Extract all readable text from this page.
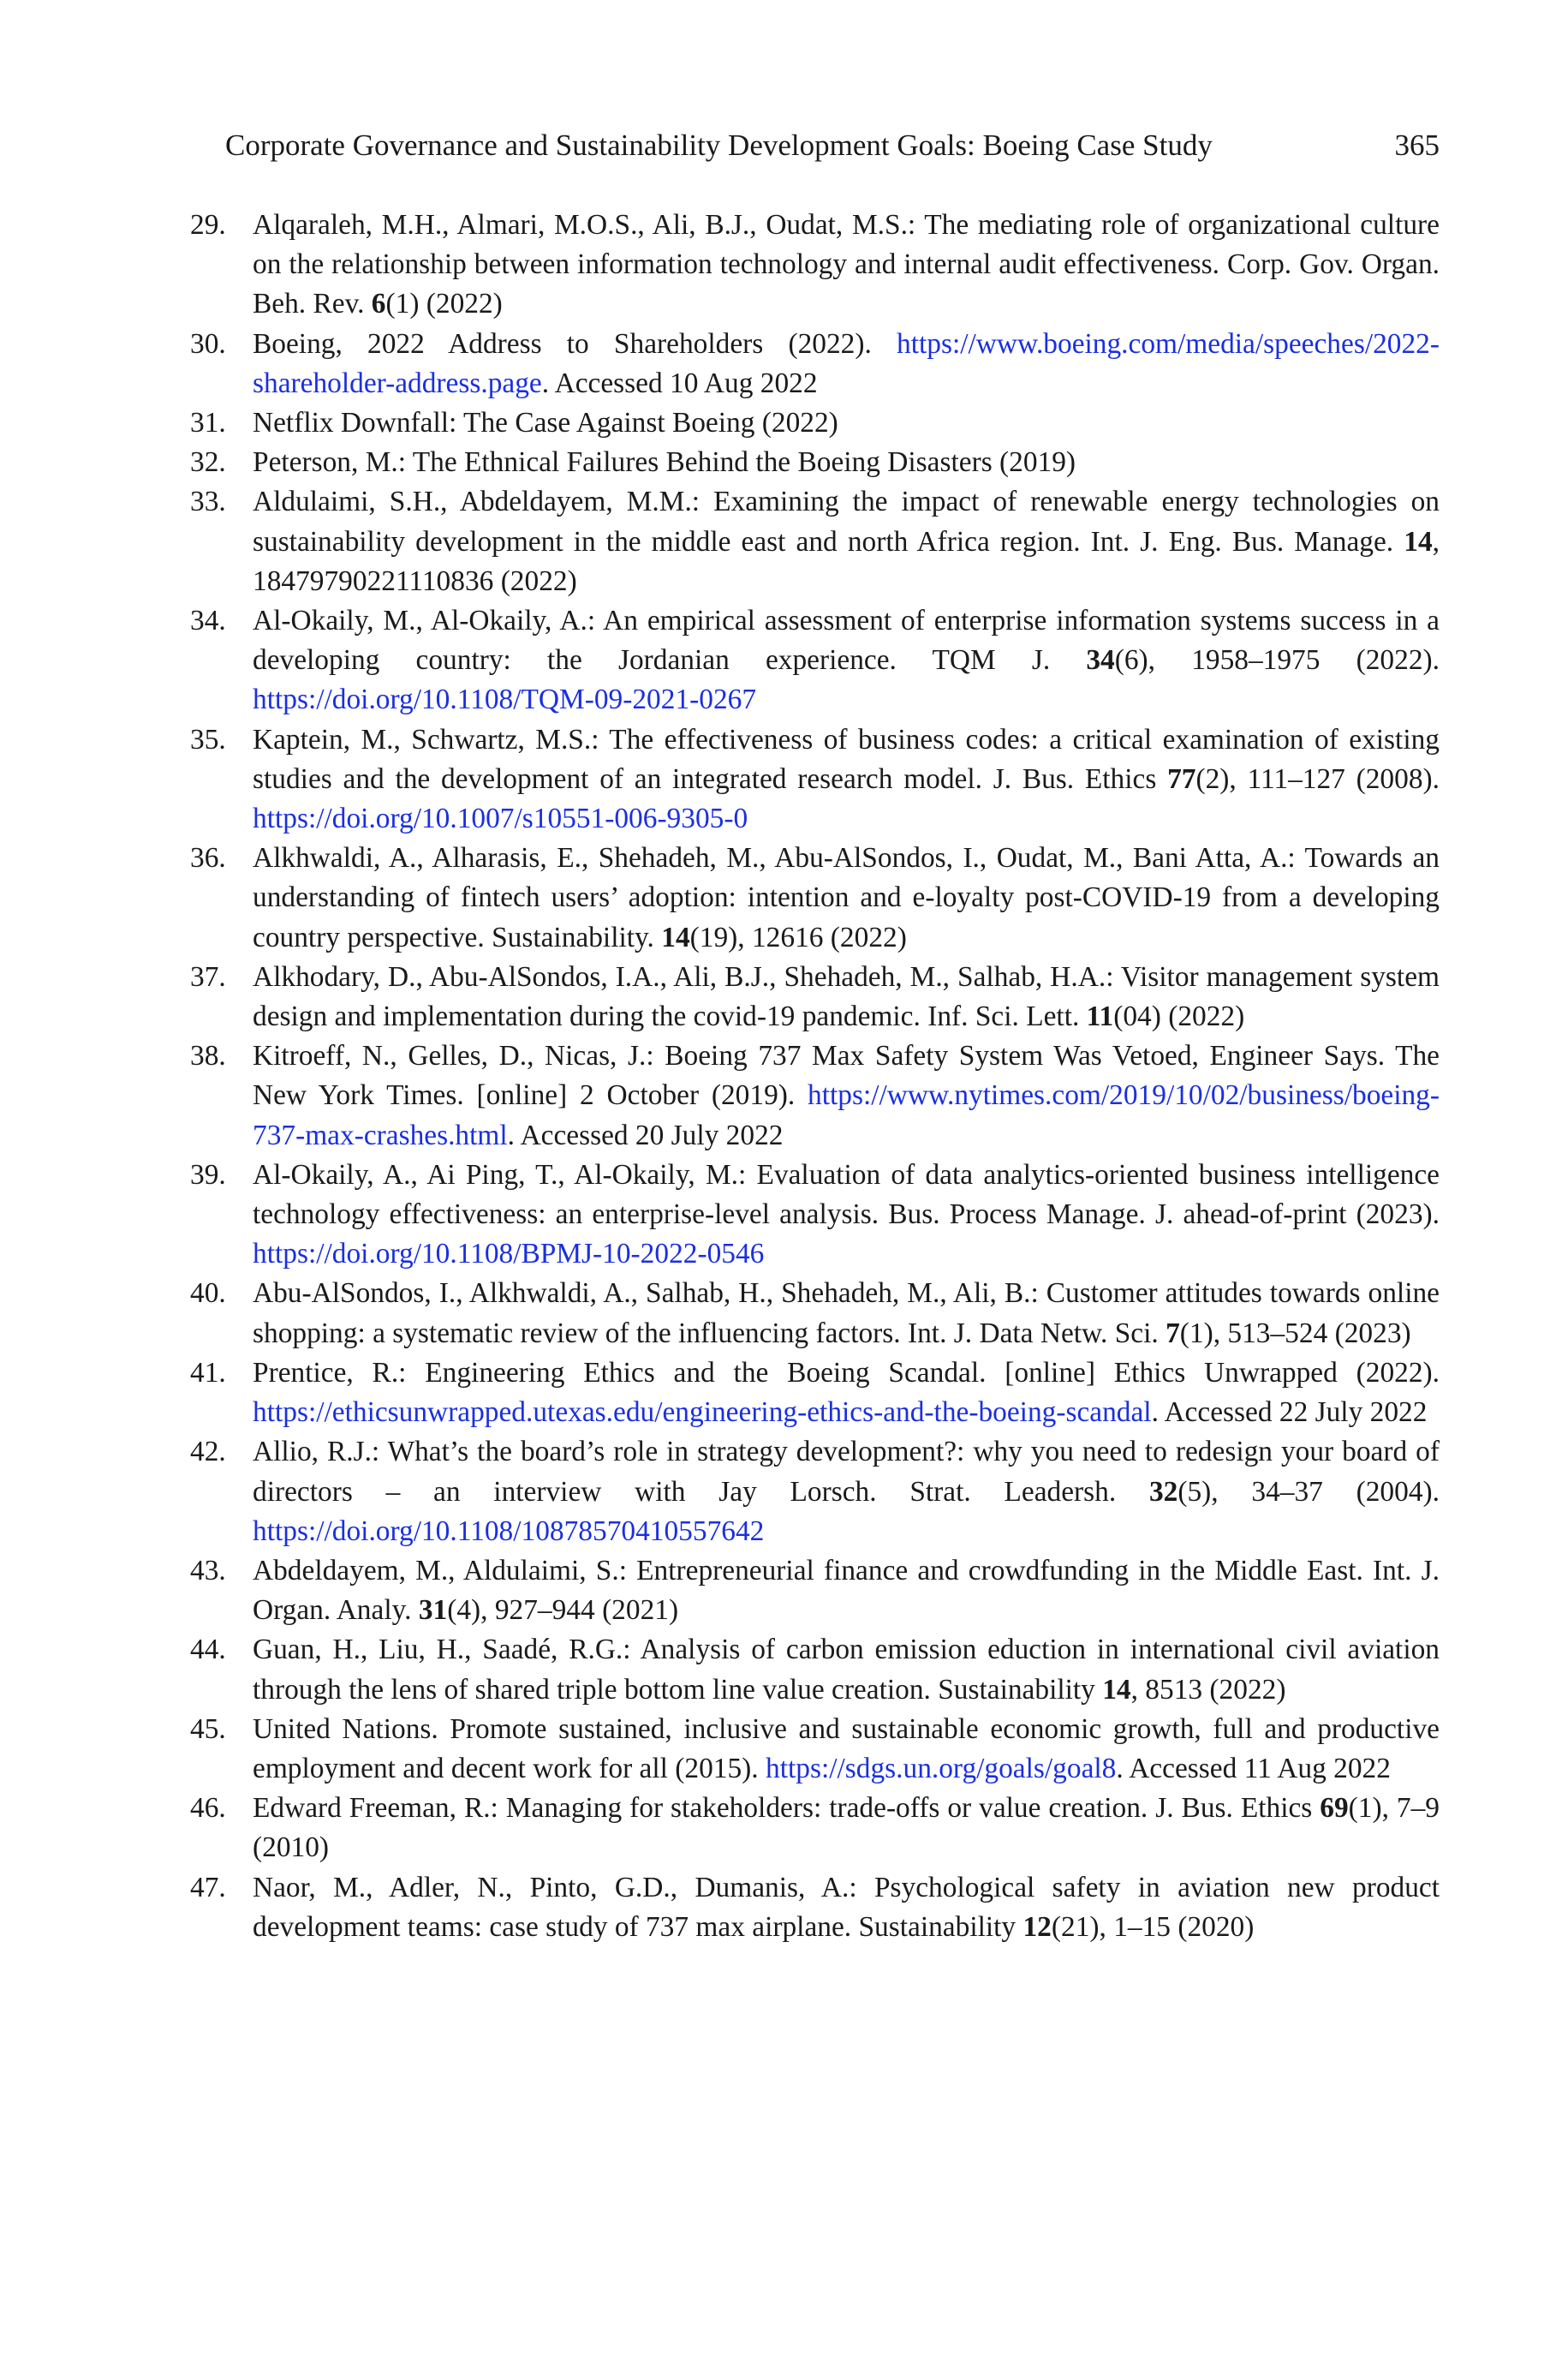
Corporate Governance and Sustainability Development Goals: Boeing Case Study	365
29. Alqaraleh, M.H., Almari, M.O.S., Ali, B.J., Oudat, M.S.: The mediating role of organizational culture on the relationship between information technology and internal audit effectiveness. Corp. Gov. Organ. Beh. Rev. 6(1) (2022)
30. Boeing, 2022 Address to Shareholders (2022). https://www.boeing.com/media/speeches/2022-shareholder-address.page. Accessed 10 Aug 2022
31. Netflix Downfall: The Case Against Boeing (2022)
32. Peterson, M.: The Ethnical Failures Behind the Boeing Disasters (2019)
33. Aldulaimi, S.H., Abdeldayem, M.M.: Examining the impact of renewable energy technologies on sustainability development in the middle east and north Africa region. Int. J. Eng. Bus. Manage. 14, 18479790221110836 (2022)
34. Al-Okaily, M., Al-Okaily, A.: An empirical assessment of enterprise information systems success in a developing country: the Jordanian experience. TQM J. 34(6), 1958–1975 (2022). https://doi.org/10.1108/TQM-09-2021-0267
35. Kaptein, M., Schwartz, M.S.: The effectiveness of business codes: a critical examination of existing studies and the development of an integrated research model. J. Bus. Ethics 77(2), 111–127 (2008). https://doi.org/10.1007/s10551-006-9305-0
36. Alkhwaldi, A., Alharasis, E., Shehadeh, M., Abu-AlSondos, I., Oudat, M., Bani Atta, A.: Towards an understanding of fintech users’ adoption: intention and e-loyalty post-COVID-19 from a developing country perspective. Sustainability. 14(19), 12616 (2022)
37. Alkhodary, D., Abu-AlSondos, I.A., Ali, B.J., Shehadeh, M., Salhab, H.A.: Visitor management system design and implementation during the covid-19 pandemic. Inf. Sci. Lett. 11(04) (2022)
38. Kitroeff, N., Gelles, D., Nicas, J.: Boeing 737 Max Safety System Was Vetoed, Engineer Says. The New York Times. [online] 2 October (2019). https://www.nytimes.com/2019/10/02/business/boeing-737-max-crashes.html. Accessed 20 July 2022
39. Al-Okaily, A., Ai Ping, T., Al-Okaily, M.: Evaluation of data analytics-oriented business intelligence technology effectiveness: an enterprise-level analysis. Bus. Process Manage. J. ahead-of-print (2023). https://doi.org/10.1108/BPMJ-10-2022-0546
40. Abu-AlSondos, I., Alkhwaldi, A., Salhab, H., Shehadeh, M., Ali, B.: Customer attitudes towards online shopping: a systematic review of the influencing factors. Int. J. Data Netw. Sci. 7(1), 513–524 (2023)
41. Prentice, R.: Engineering Ethics and the Boeing Scandal. [online] Ethics Unwrapped (2022). https://ethicsunwrapped.utexas.edu/engineering-ethics-and-the-boeing-scandal. Accessed 22 July 2022
42. Allio, R.J.: What’s the board’s role in strategy development?: why you need to redesign your board of directors – an interview with Jay Lorsch. Strat. Leadersh. 32(5), 34–37 (2004). https://doi.org/10.1108/10878570410557642
43. Abdeldayem, M., Aldulaimi, S.: Entrepreneurial finance and crowdfunding in the Middle East. Int. J. Organ. Analy. 31(4), 927–944 (2021)
44. Guan, H., Liu, H., Saadé, R.G.: Analysis of carbon emission eduction in international civil aviation through the lens of shared triple bottom line value creation. Sustainability 14, 8513 (2022)
45. United Nations. Promote sustained, inclusive and sustainable economic growth, full and productive employment and decent work for all (2015). https://sdgs.un.org/goals/goal8. Accessed 11 Aug 2022
46. Edward Freeman, R.: Managing for stakeholders: trade-offs or value creation. J. Bus. Ethics 69(1), 7–9 (2010)
47. Naor, M., Adler, N., Pinto, G.D., Dumanis, A.: Psychological safety in aviation new product development teams: case study of 737 max airplane. Sustainability 12(21), 1–15 (2020)
